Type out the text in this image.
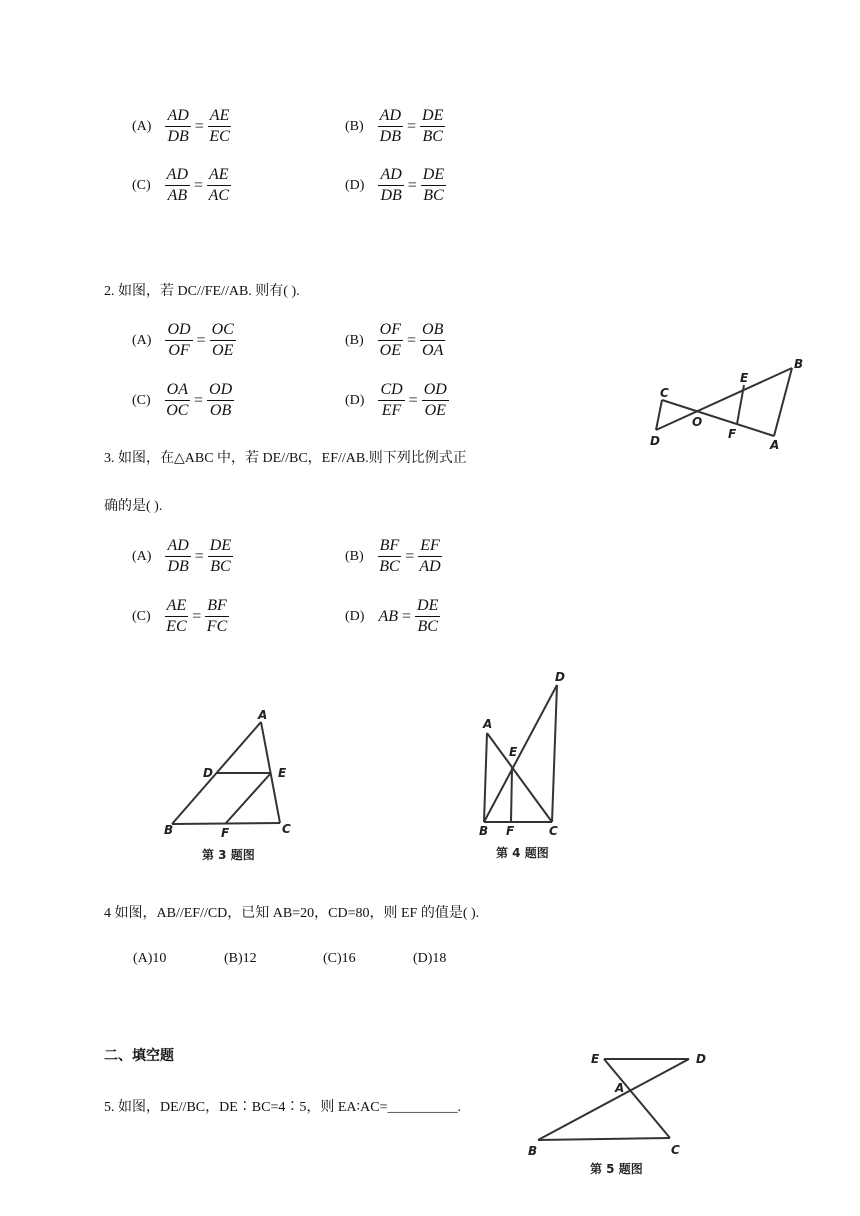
$(A) \frac{AD}{DB} = \frac{AE}{EC}$	$(B) \frac{AD}{DB} = \frac{DE}{BC}$
$(C) \frac{AD}{AB} = \frac{AE}{AC}$	$(D) \frac{AD}{DB} = \frac{DE}{BC}$
2. 如图，若 DC//FE//AB. 则有( ).
$(A) \frac{OD}{OF} = \frac{OC}{OE}$	$(B) \frac{OF}{OE} = \frac{OB}{OA}$
$(C) \frac{OA}{OC} = \frac{OD}{OB}$	$(D) \frac{CD}{EF} = \frac{OD}{OE}$	C
D
O
F
E
B
A
3. 如图，在△ABC 中，若 DE//BC，EF//AB.则下列比例式正
确的是( ).
$(A) \frac{AD}{DB} = \frac{DE}{BC}$	$(B) \frac{BF}{BC} = \frac{EF}{AD}$
$(C) \frac{AE}{EC} = \frac{BF}{FC}$	(D) AB = $\frac{DE}{BC}$
A
D	E
B	F	C
第 3 题图
A
D
E
B F	C
第 4 题图
4 如图，AB//EF//CD，已知 AB=20，CD=80，则 EF 的值是( ).
(A)10	(B)12	(C)16	(D)18
二、填空题
5. 如图，DE//BC，DE∶BC=4∶5，则 EA∶AC=__________.
E	D
A
B	C
第 5 题图
